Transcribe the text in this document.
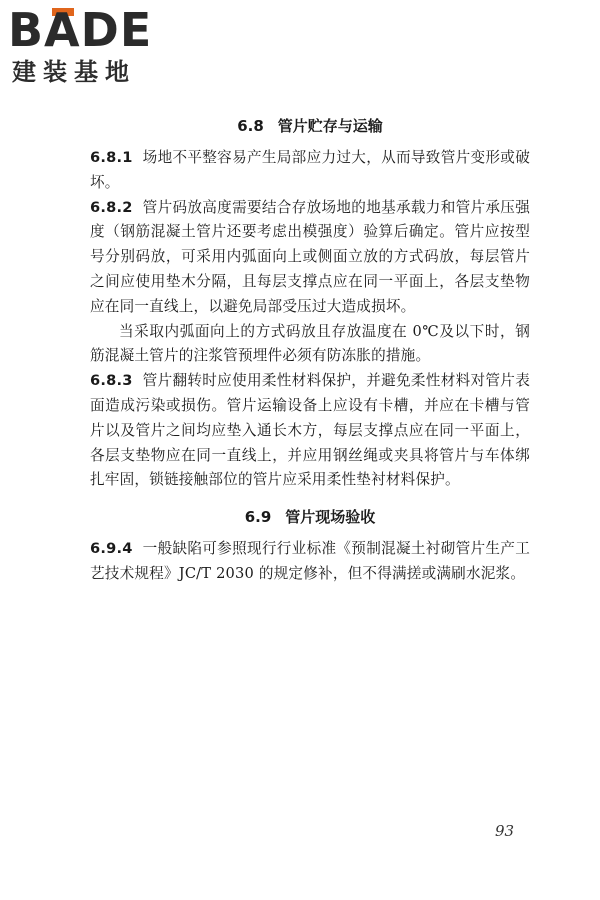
BADE
建装基地
6.8 管片贮存与运输

6.8.1 场地不平整容易产生局部应力过大，从而导致管片变形或破坏。

6.8.2 管片码放高度需要结合存放场地的地基承载力和管片承压强度（钢筋混凝土管片还要考虑出模强度）验算后确定。管片应按型号分别码放，可采用内弧面向上或侧面立放的方式码放，每层管片之间应使用垫木分隔，且每层支撑点应在同一平面上，各层支垫物应在同一直线上，以避免局部受压过大造成损坏。

当采取内弧面向上的方式码放且存放温度在 0℃及以下时，钢筋混凝土管片的注浆管预埋件必须有防冻胀的措施。

6.8.3 管片翻转时应使用柔性材料保护，并避免柔性材料对管片表面造成污染或损伤。管片运输设备上应设有卡槽，并应在卡槽与管片以及管片之间均应垫入通长木方，每层支撑点应在同一平面上，各层支垫物应在同一直线上，并应用钢丝绳或夹具将管片与车体绑扎牢固，锁链接触部位的管片应采用柔性垫衬材料保护。

6.9 管片现场验收

6.9.4 一般缺陷可参照现行行业标准《预制混凝土衬砌管片生产工艺技术规程》JC/T 2030 的规定修补，但不得满搓或满刷水泥浆。

93
